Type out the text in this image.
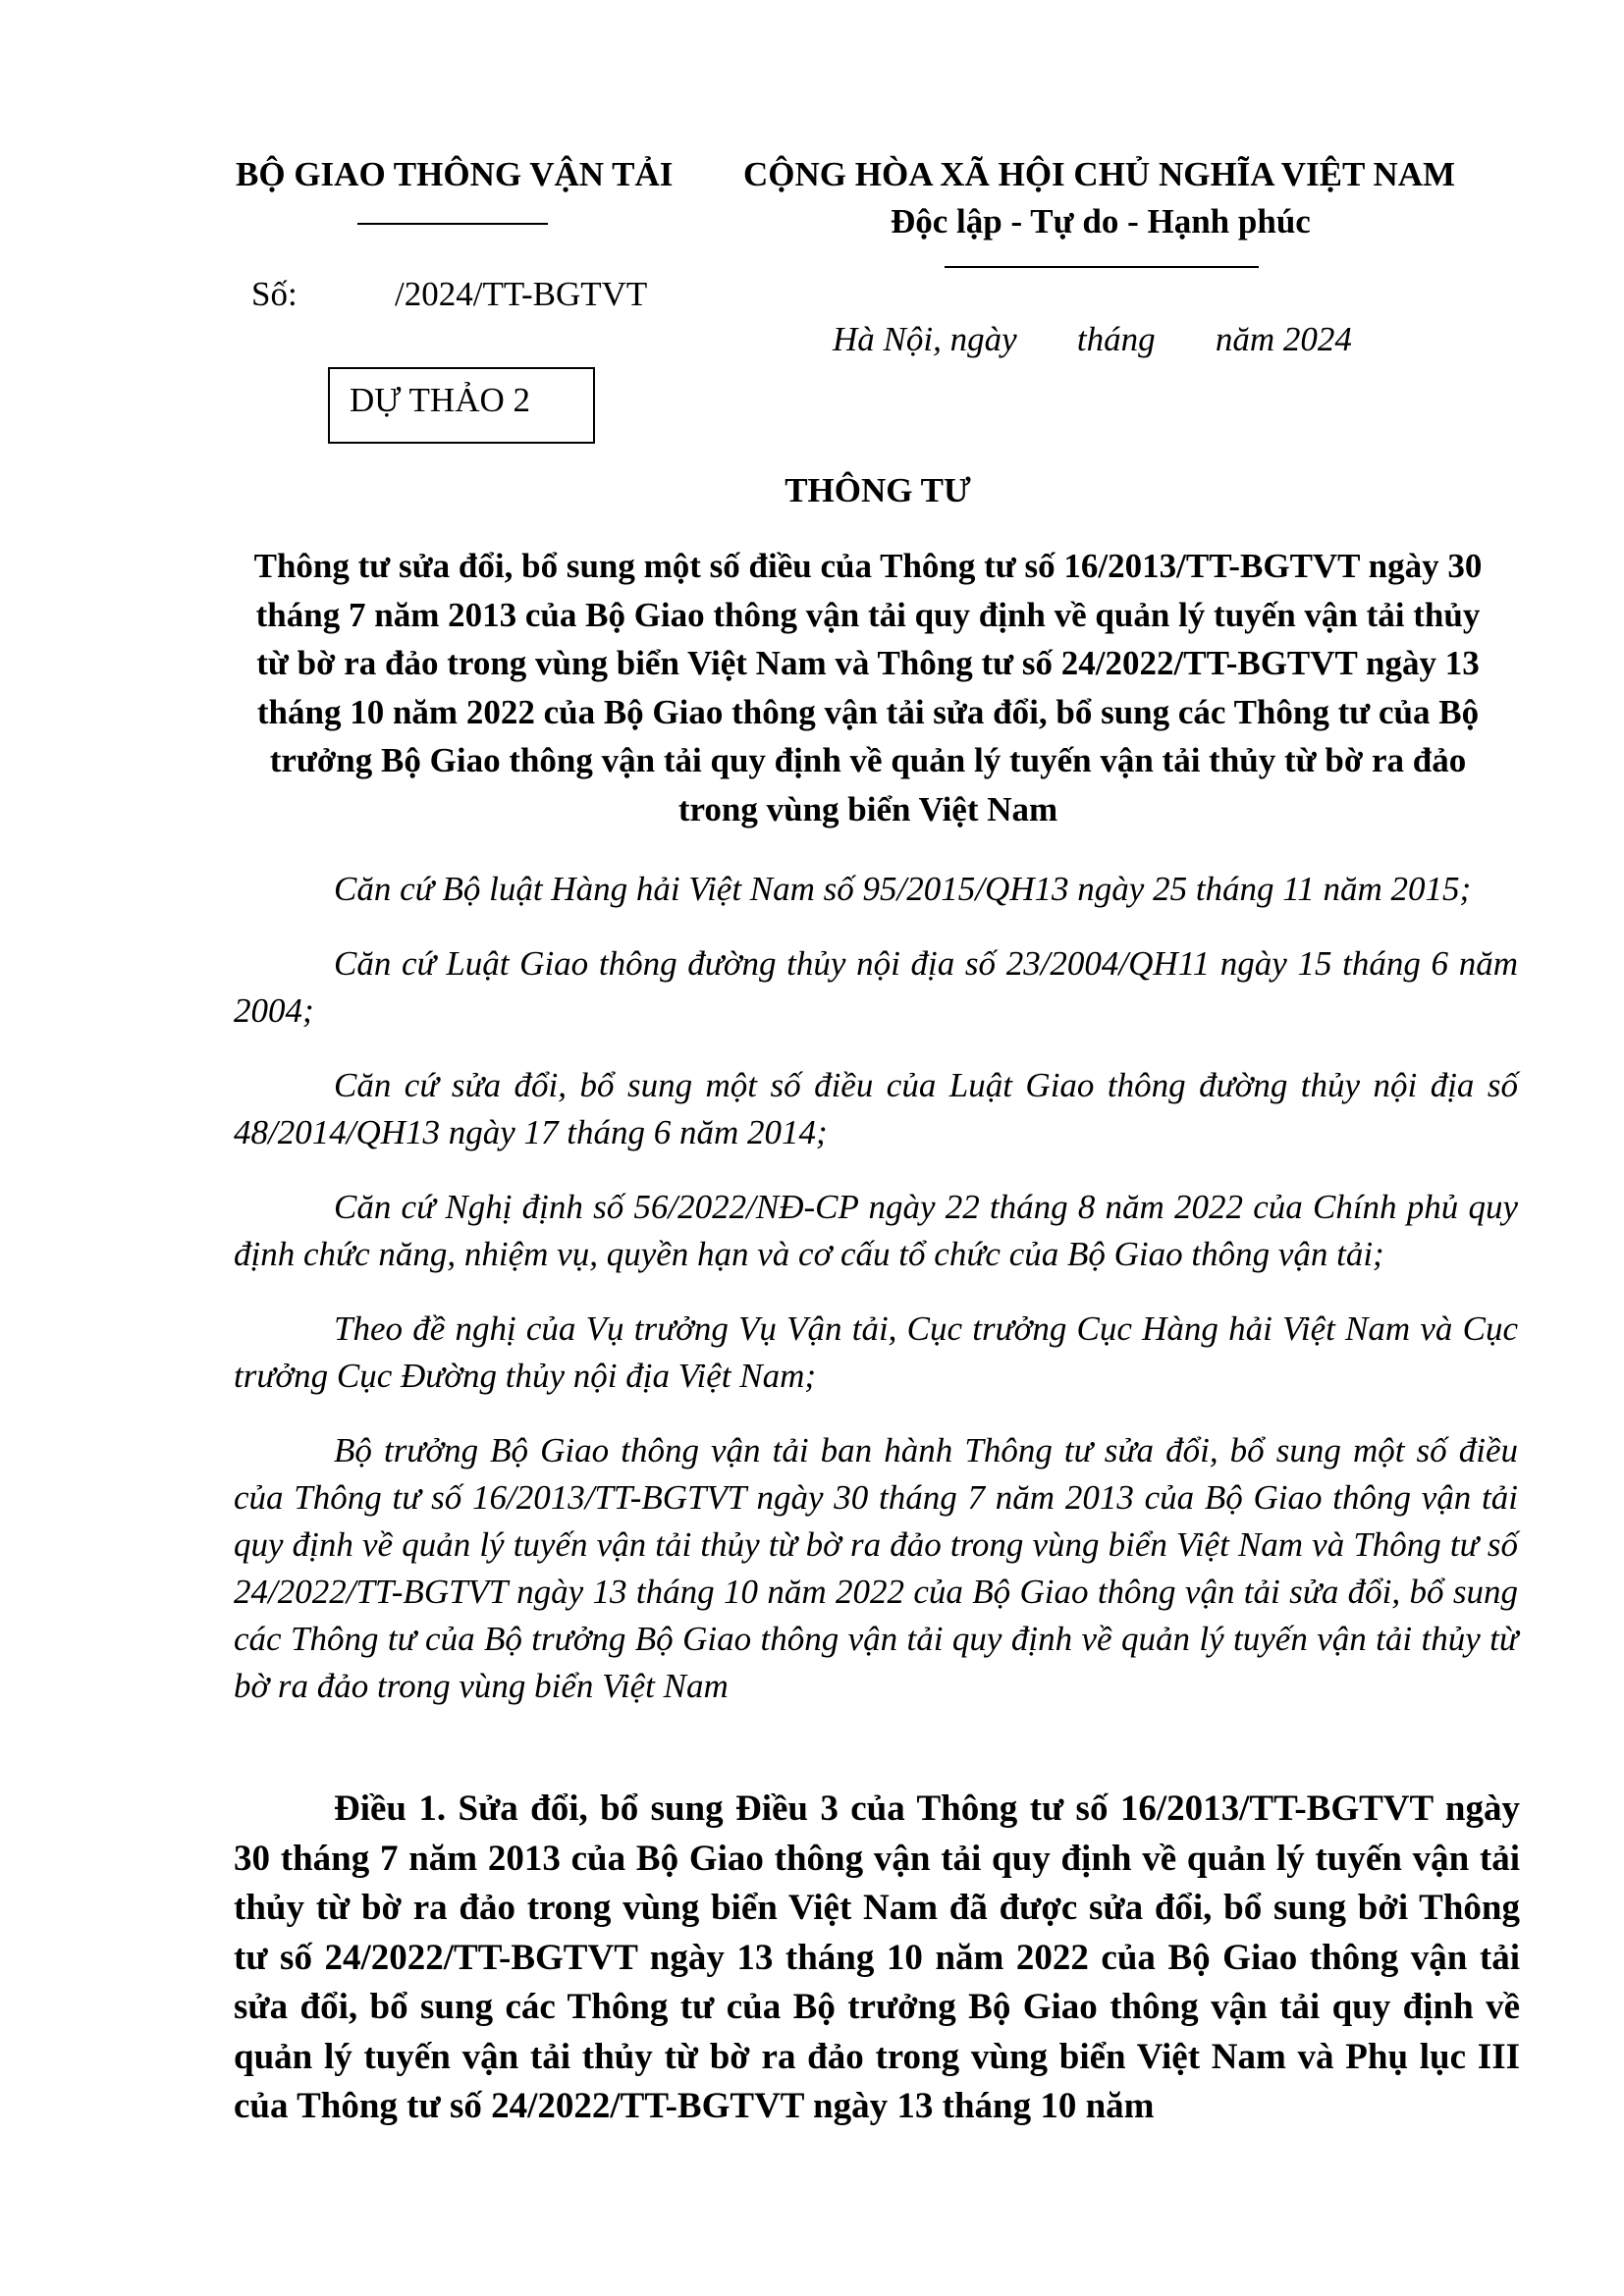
BỘ GIAO THÔNG VẬN TẢI CỘNG HÒA XÃ HỘI CHỦ NGHĨA VIỆT NAM
Độc lập - Tự do - Hạnh phúc
Số:	/2024/TT-BGTVT
Hà Nội, ngày       tháng       năm 2024
DỰ THẢO 2
THÔNG TƯ
Thông tư sửa đổi, bổ sung một số điều của Thông tư số 16/2013/TT-BGTVT ngày 30 tháng 7 năm 2013 của Bộ Giao thông vận tải quy định về quản lý tuyến vận tải thủy từ bờ ra đảo trong vùng biển Việt Nam và Thông tư số 24/2022/TT-BGTVT ngày 13 tháng 10 năm 2022 của Bộ Giao thông vận tải sửa đổi, bổ sung các Thông tư của Bộ trưởng Bộ Giao thông vận tải quy định về quản lý tuyến vận tải thủy từ bờ ra đảo trong vùng biển Việt Nam
Căn cứ Bộ luật Hàng hải Việt Nam số 95/2015/QH13 ngày 25 tháng 11 năm 2015;
Căn cứ Luật Giao thông đường thủy nội địa số 23/2004/QH11 ngày 15 tháng 6 năm 2004;
Căn cứ sửa đổi, bổ sung một số điều của Luật Giao thông đường thủy nội địa số 48/2014/QH13 ngày 17 tháng 6 năm 2014;
Căn cứ Nghị định số 56/2022/NĐ-CP ngày 22 tháng 8 năm 2022 của Chính phủ quy định chức năng, nhiệm vụ, quyền hạn và cơ cấu tổ chức của Bộ Giao thông vận tải;
Theo đề nghị của Vụ trưởng Vụ Vận tải, Cục trưởng Cục Hàng hải Việt Nam và Cục trưởng Cục Đường thủy nội địa Việt Nam;
Bộ trưởng Bộ Giao thông vận tải ban hành Thông tư sửa đổi, bổ sung một số điều của Thông tư số 16/2013/TT-BGTVT ngày 30 tháng 7 năm 2013 của Bộ Giao thông vận tải quy định về quản lý tuyến vận tải thủy từ bờ ra đảo trong vùng biển Việt Nam và Thông tư số 24/2022/TT-BGTVT ngày 13 tháng 10 năm 2022 của Bộ Giao thông vận tải sửa đổi, bổ sung các Thông tư của Bộ trưởng Bộ Giao thông vận tải quy định về quản lý tuyến vận tải thủy từ bờ ra đảo trong vùng biển Việt Nam
Điều 1. Sửa đổi, bổ sung Điều 3 của Thông tư số 16/2013/TT-BGTVT ngày 30 tháng 7 năm 2013 của Bộ Giao thông vận tải quy định về quản lý tuyến vận tải thủy từ bờ ra đảo trong vùng biển Việt Nam đã được sửa đổi, bổ sung bởi Thông tư số 24/2022/TT-BGTVT ngày 13 tháng 10 năm 2022 của Bộ Giao thông vận tải sửa đổi, bổ sung các Thông tư của Bộ trưởng Bộ Giao thông vận tải quy định về quản lý tuyến vận tải thủy từ bờ ra đảo trong vùng biển Việt Nam và Phụ lục III của Thông tư số 24/2022/TT-BGTVT ngày 13 tháng 10 năm
